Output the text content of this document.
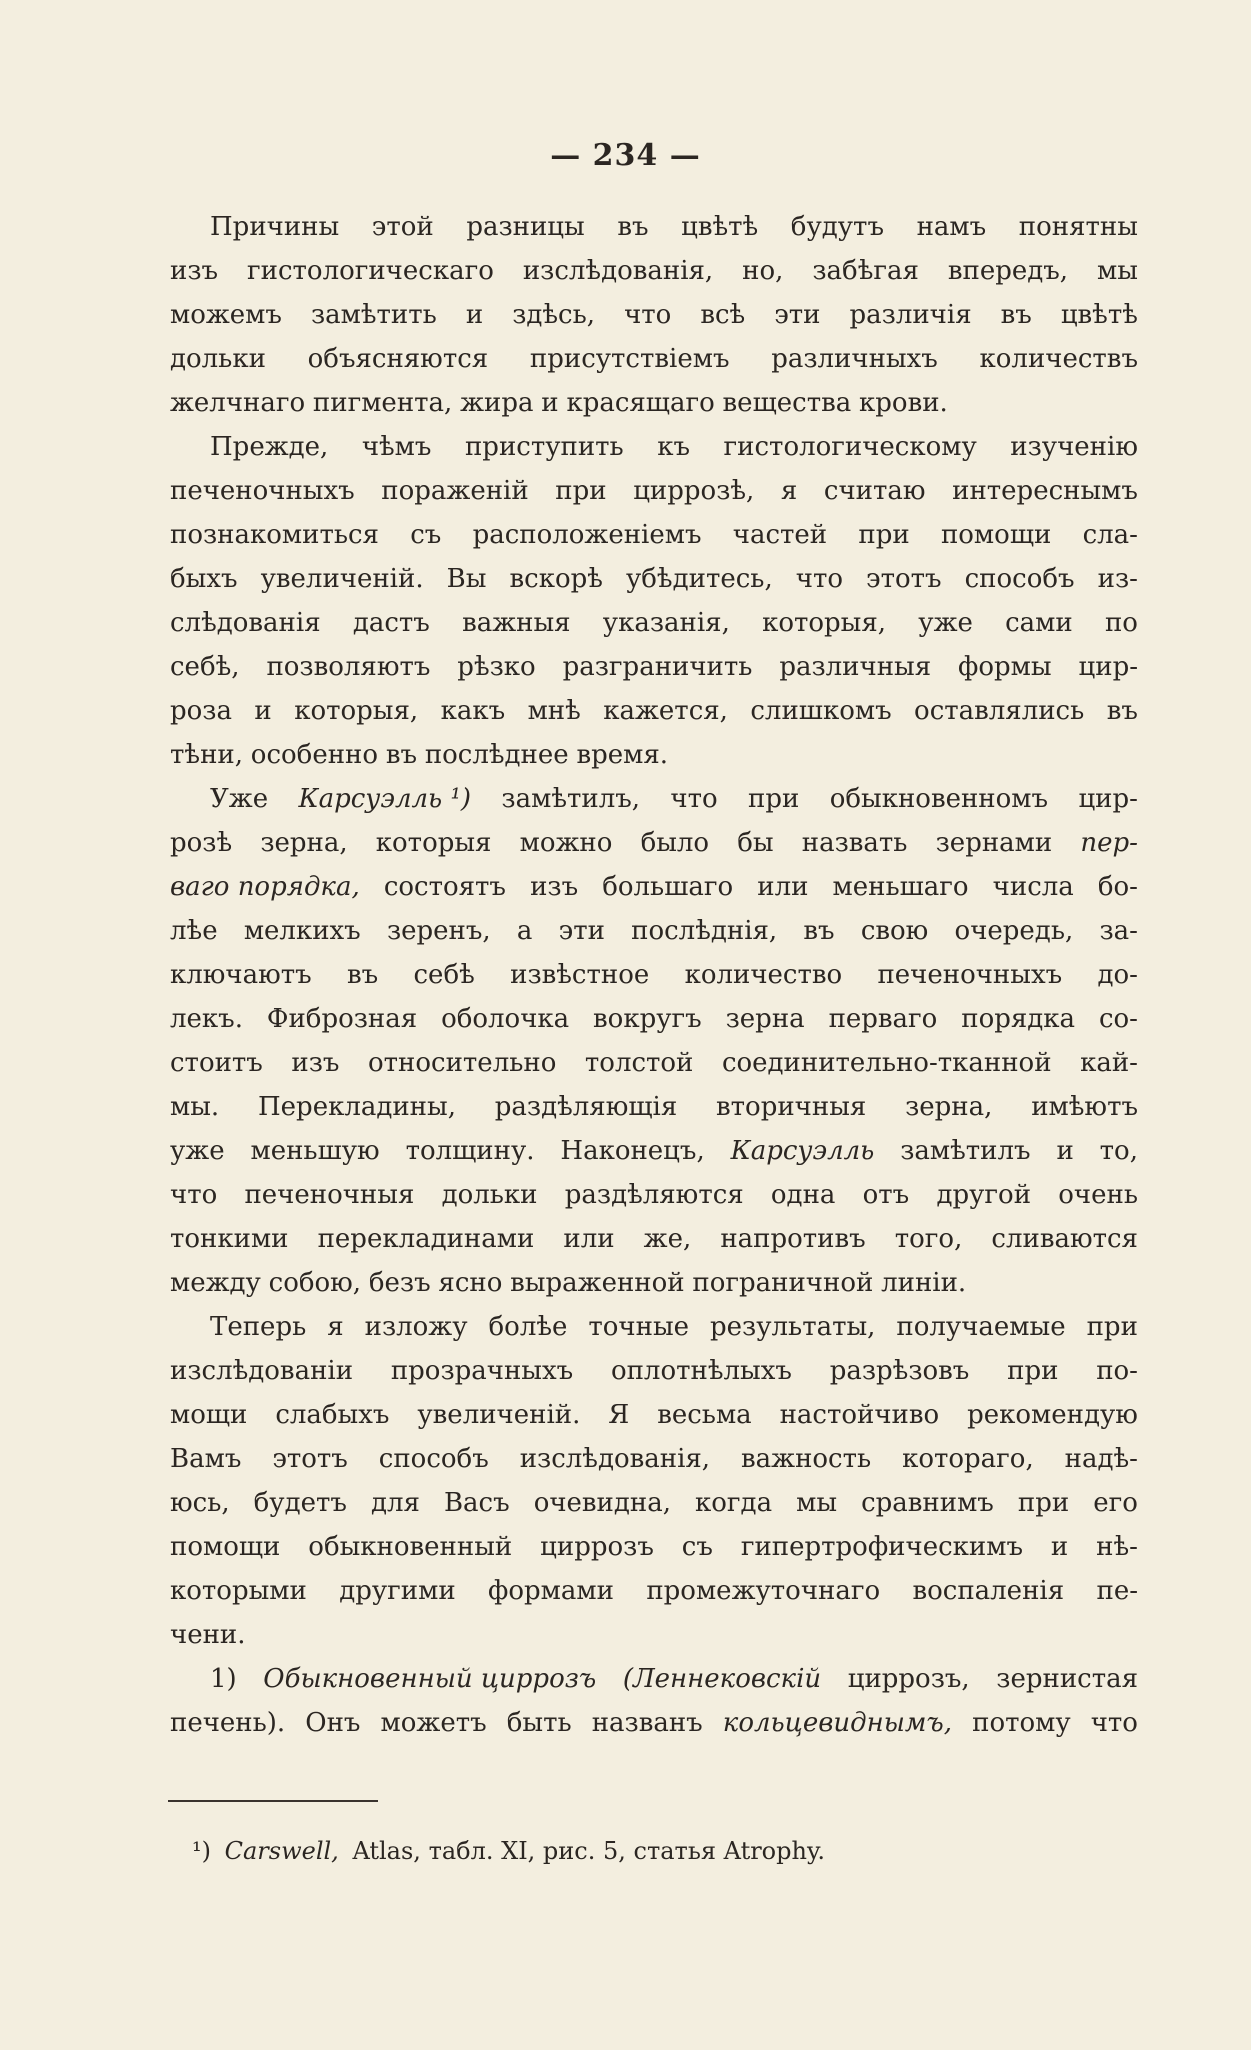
— 234 —
Причины этой разницы въ цвѣтѣ будутъ намъ понятны
изъ гистологическаго изслѣдованія, но, забѣгая впередъ, мы
можемъ замѣтить и здѣсь, что всѣ эти различія въ цвѣтѣ
дольки объясняются присутствіемъ различныхъ количествъ
желчнаго пигмента, жира и красящаго вещества крови.
Прежде, чѣмъ приступить къ гистологическому изученію
печеночныхъ пораженій при циррозѣ, я считаю интереснымъ
познакомиться съ расположеніемъ частей при помощи сла-
быхъ увеличеній. Вы вскорѣ убѣдитесь, что этотъ способъ из-
слѣдованія дастъ важныя указанія, которыя, уже сами по
себѣ, позволяютъ рѣзко разграничить различныя формы цир-
роза и которыя, какъ мнѣ кажется, слишкомъ оставлялись въ
тѣни, особенно въ послѣднее время.
Уже Карсуэлль ¹) замѣтилъ, что при обыкновенномъ цир-
розѣ зерна, которыя можно было бы назвать зернами пер-
ваго порядка, состоятъ изъ большаго или меньшаго числа бо-
лѣе мелкихъ зеренъ, а эти послѣднія, въ свою очередь, за-
ключаютъ въ себѣ извѣстное количество печеночныхъ до-
лекъ. Фиброзная оболочка вокругъ зерна перваго порядка со-
стоитъ изъ относительно толстой соединительно-тканной кай-
мы. Перекладины, раздѣляющія вторичныя зерна, имѣютъ
уже меньшую толщину. Наконецъ, Карсуэлль замѣтилъ и то,
что печеночныя дольки раздѣляются одна отъ другой очень
тонкими перекладинами или же, напротивъ того, сливаются
между собою, безъ ясно выраженной пограничной линіи.
Теперь я изложу болѣе точные результаты, получаемые при
изслѣдованіи прозрачныхъ оплотнѣлыхъ разрѣзовъ при по-
мощи слабыхъ увеличеній. Я весьма настойчиво рекомендую
Вамъ этотъ способъ изслѣдованія, важность котораго, надѣ-
юсь, будетъ для Васъ очевидна, когда мы сравнимъ при его
помощи обыкновенный циррозъ съ гипертрофическимъ и нѣ-
которыми другими формами промежуточнаго воспаленія пе-
чени.
1) Обыкновенный циррозъ (Леннековскій циррозъ, зернистая
печень). Онъ можетъ быть названъ кольцевиднымъ, потому что
¹) Carswell, Atlas, табл. XI, рис. 5, статья Atrophy.
